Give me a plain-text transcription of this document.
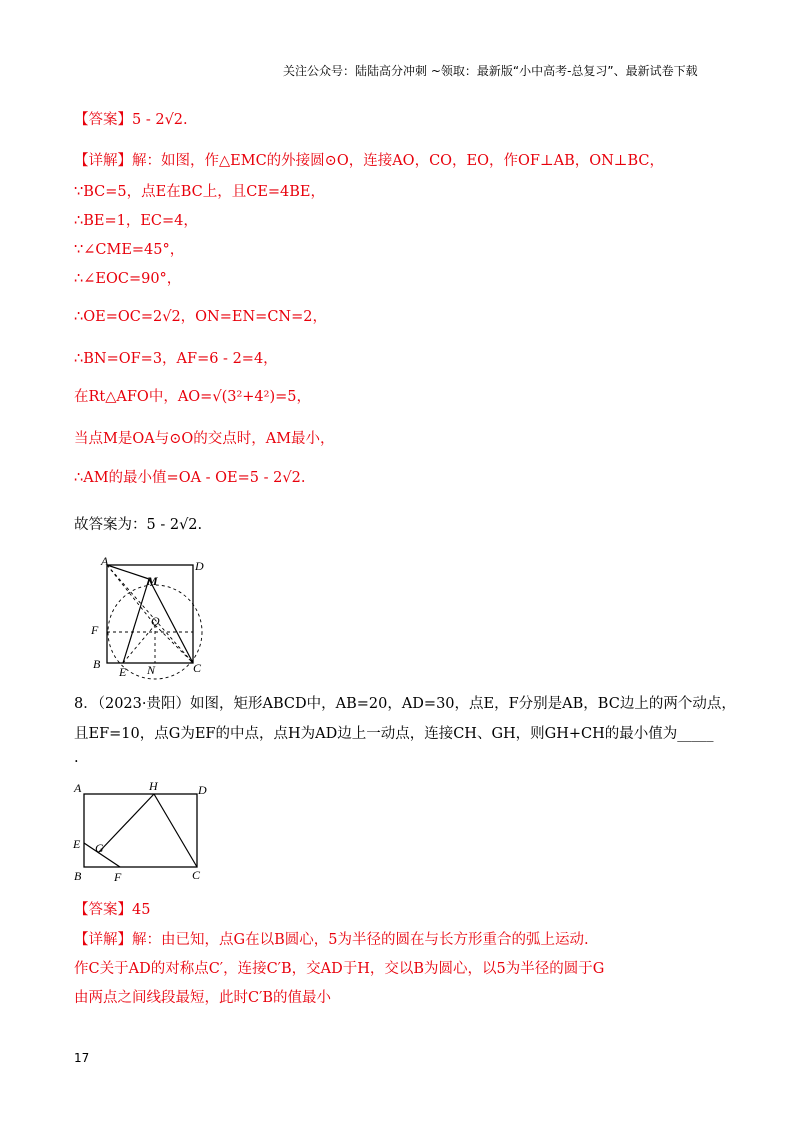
关注公众号：陆陆高分冲刺 ~领取：最新版“小中高考-总复习”、最新试卷下载
【答案】5 - 2√2.
【详解】解：如图，作△EMC的外接圆⊙O，连接AO，CO，EO，作OF⊥AB，ON⊥BC，
∵BC=5，点E在BC上，且CE=4BE，
∴BE=1，EC=4，
∵∠CME=45°，
∴∠EOC=90°，
∴OE=OC=2√2，ON=EN=CN=2，
∴BN=OF=3，AF=6 - 2=4，
在Rt△AFO中，AO=√(3²+4²)=5，
当点M是OA与⊙O的交点时，AM最小，
∴AM的最小值=OA - OE=5 - 2√2.
故答案为：5 - 2√2.
A	D
M
F
O
B
E N	C
8．（2023·贵阳）如图，矩形ABCD中，AB=20，AD=30，点E，F分别是AB，BC边上的两个动点，
且EF=10，点G为EF的中点，点H为AD边上一动点，连接CH、GH，则GH+CH的最小值为_____
.
A	H	D
E G
B	F	C
【答案】45
【详解】解：由已知，点G在以B圆心，5为半径的圆在与长方形重合的弧上运动.
作C关于AD的对称点C′，连接C′B，交AD于H，交以B为圆心，以5为半径的圆于G
由两点之间线段最短，此时C′B的值最小
17
